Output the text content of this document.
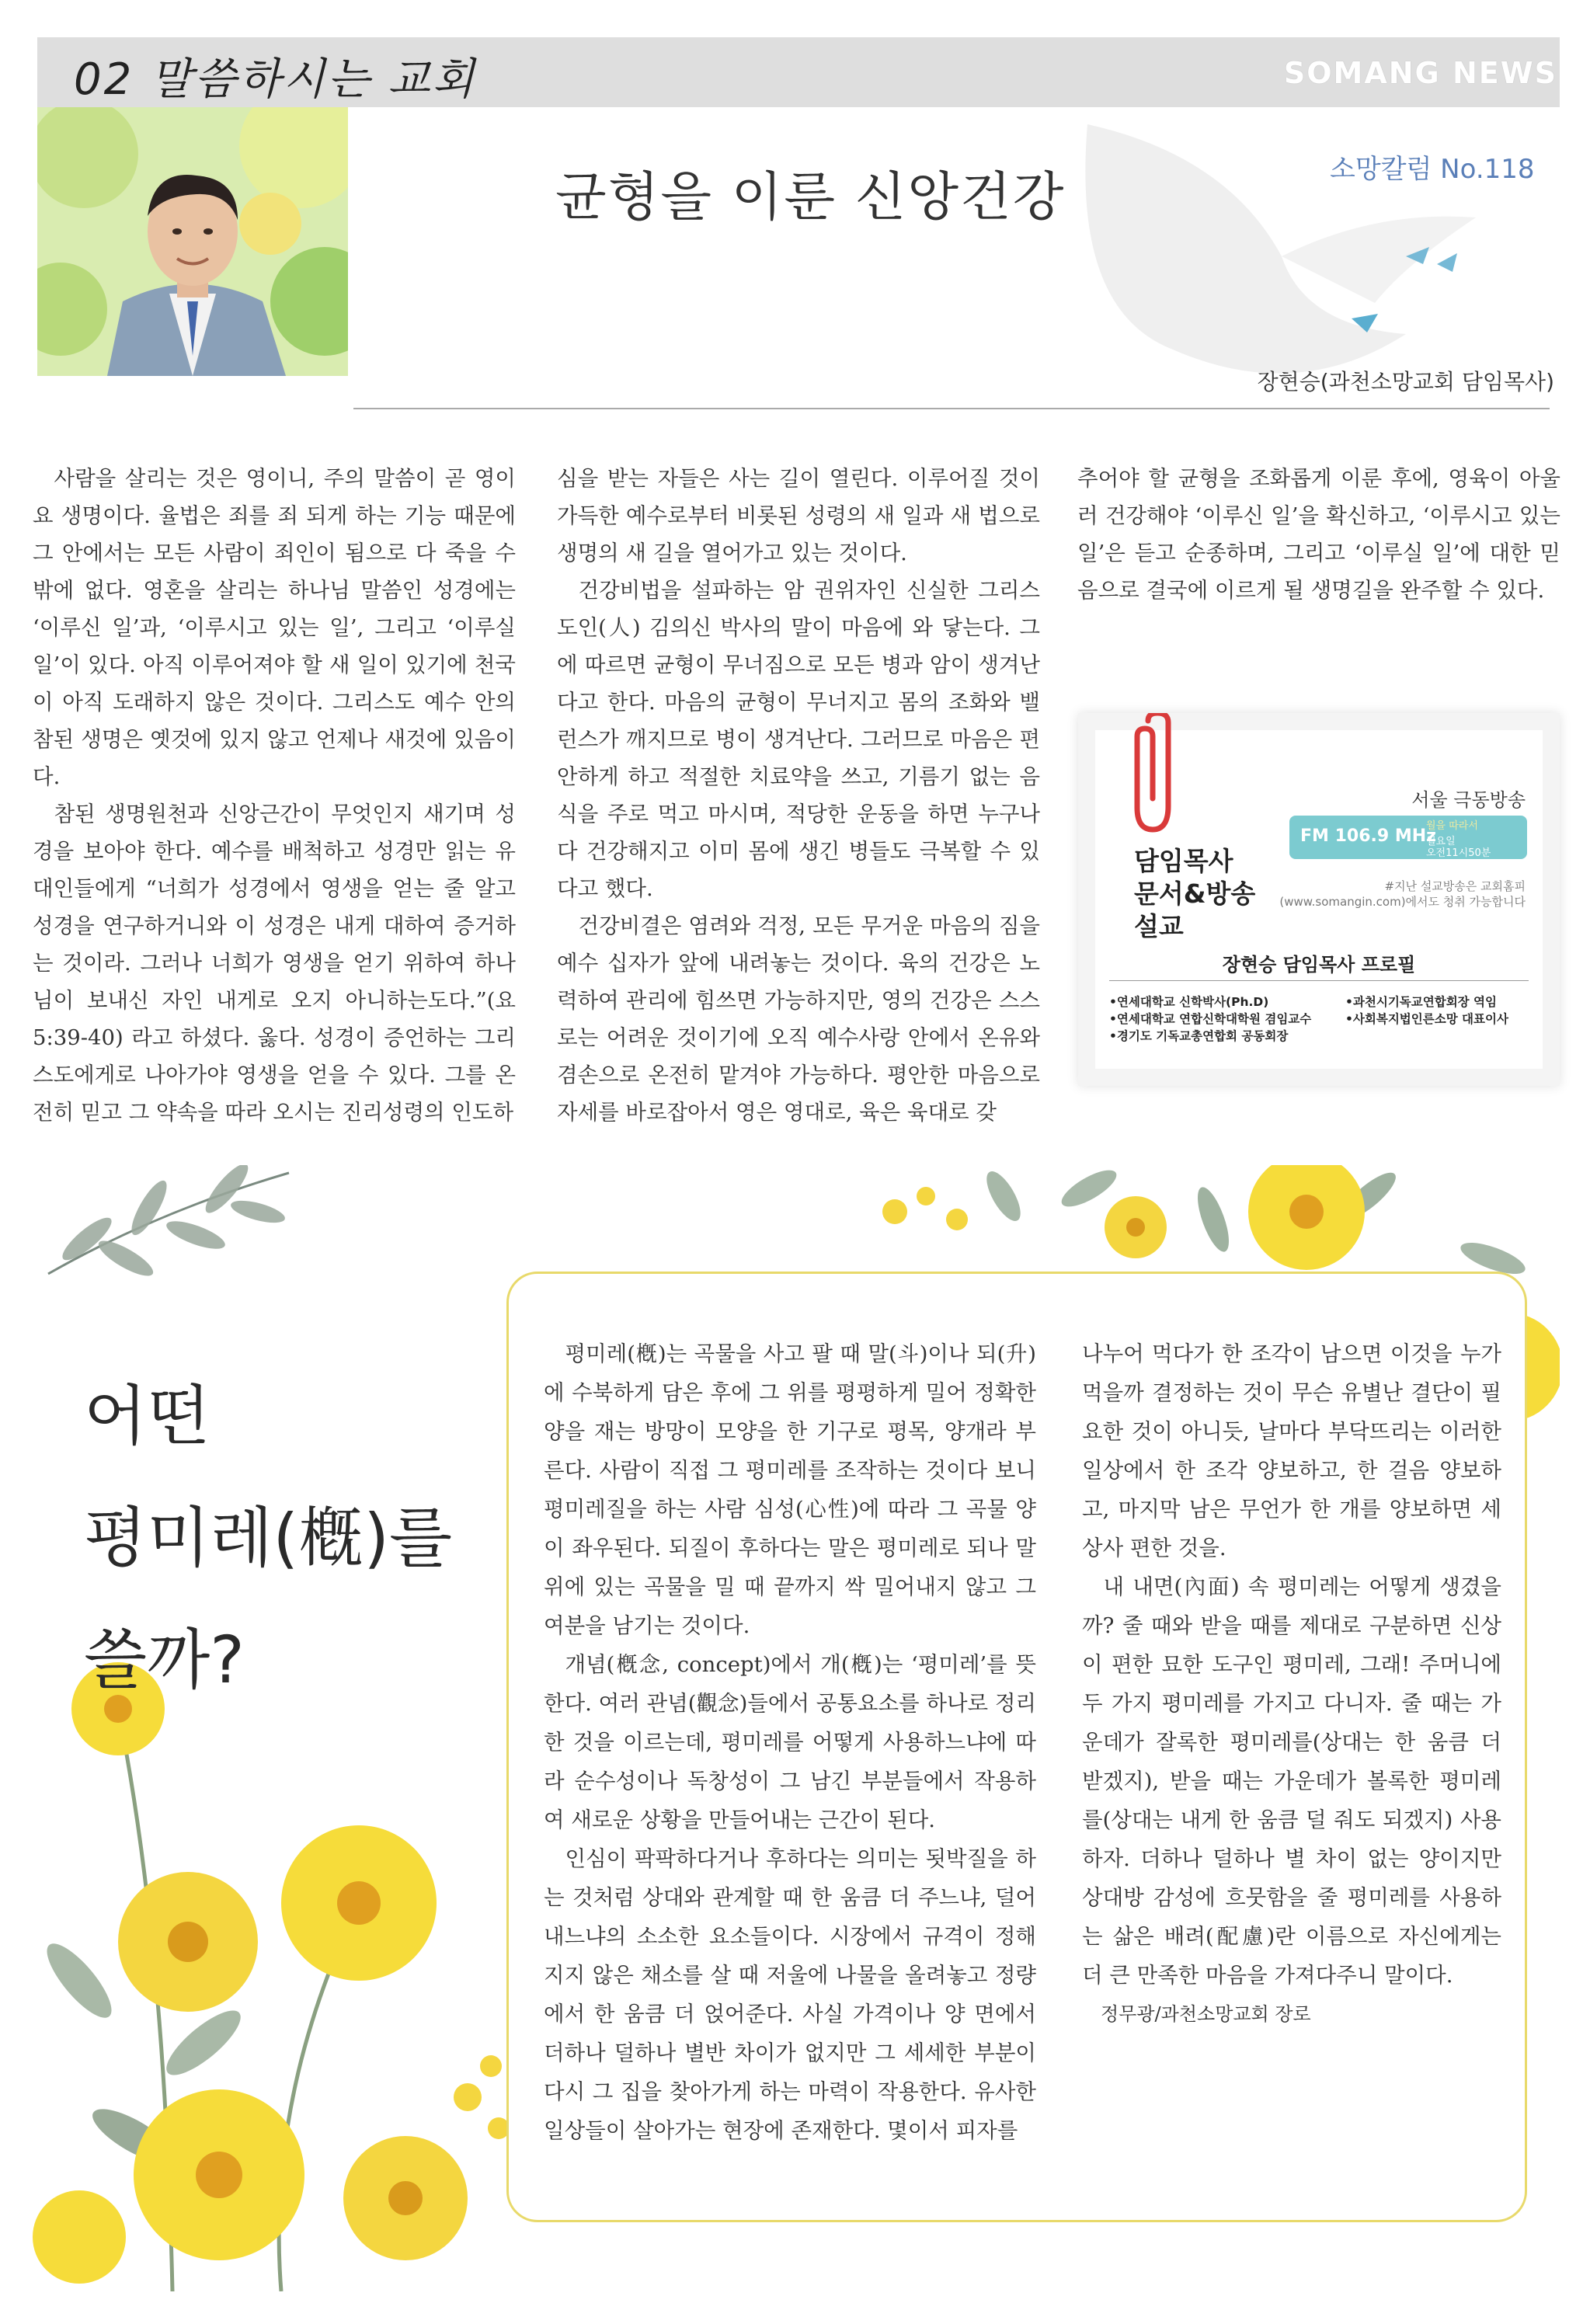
02 말씀하시는 교회	SOMANG NEWS
균형을 이룬 신앙건강	소망칼럼 No.118
장현승(과천소망교회 담임목사)

사람을 살리는 것은 영이니, 주의 말씀이 곧 영이요 생명이다. 율법은 죄를 죄 되게 하는 기능 때문에 그 안에서는 모든 사람이 죄인이 됨으로 다 죽을 수밖에 없다. 영혼을 살리는 하나님 말씀인 성경에는 ‘이루신 일’과, ‘이루시고 있는 일’, 그리고 ‘이루실 일’이 있다. 아직 이루어져야 할 새 일이 있기에 천국이 아직 도래하지 않은 것이다. 그리스도 예수 안의 참된 생명은 옛것에 있지 않고 언제나 새것에 있음이다.

참된 생명원천과 신앙근간이 무엇인지 새기며 성경을 보아야 한다. 예수를 배척하고 성경만 읽는 유대인들에게 “너희가 성경에서 영생을 얻는 줄 알고 성경을 연구하거니와 이 성경은 내게 대하여 증거하는 것이라. 그러나 너희가 영생을 얻기 위하여 하나님이 보내신 자인 내게로 오지 아니하는도다.”(요 5:39-40) 라고 하셨다. 옳다. 성경이 증언하는 그리스도에게로 나아가야 영생을 얻을 수 있다. 그를 온전히 믿고 그 약속을 따라 오시는 진리성령의 인도하

심을 받는 자들은 사는 길이 열린다. 이루어질 것이 가득한 예수로부터 비롯된 성령의 새 일과 새 법으로 생명의 새 길을 열어가고 있는 것이다.

건강비법을 설파하는 암 권위자인 신실한 그리스도인(人) 김의신 박사의 말이 마음에 와 닿는다. 그에 따르면 균형이 무너짐으로 모든 병과 암이 생겨난다고 한다. 마음의 균형이 무너지고 몸의 조화와 밸런스가 깨지므로 병이 생겨난다. 그러므로 마음은 편안하게 하고 적절한 치료약을 쓰고, 기름기 없는 음식을 주로 먹고 마시며, 적당한 운동을 하면 누구나 다 건강해지고 이미 몸에 생긴 병들도 극복할 수 있다고 했다.

건강비결은 염려와 걱정, 모든 무거운 마음의 짐을 예수 십자가 앞에 내려놓는 것이다. 육의 건강은 노력하여 관리에 힘쓰면 가능하지만, 영의 건강은 스스로는 어려운 것이기에 오직 예수사랑 안에서 온유와 겸손으로 온전히 맡겨야 가능하다. 평안한 마음으로 자세를 바로잡아서 영은 영대로, 육은 육대로 갖

추어야 할 균형을 조화롭게 이룬 후에, 영육이 아울러 건강해야 ‘이루신 일’을 확신하고, ‘이루시고 있는 일’은 듣고 순종하며, 그리고 ‘이루실 일’에 대한 믿음으로 결국에 이르게 될 생명길을 완주할 수 있다.

담임목사
문서&방송
설교
서울 극동방송
FM 106.9 MHz
월을 따라서
월요일
오전11시50분
#지난 설교방송은 교회홈피
(www.somangin.com)에서도 청취 가능합니다
장현승 담임목사 프로필
•연세대학교 신학박사(Ph.D)
•연세대학교 연합신학대학원 겸임교수
•경기도 기독교총연합회 공동회장
•과천시기독교연합회장 역임
•사회복지법인른소망 대표이사
어떤
평미레(槪)를
쓸까?

평미레(槪)는 곡물을 사고 팔 때 말(斗)이나 되(升)에 수북하게 담은 후에 그 위를 평평하게 밀어 정확한 양을 재는 방망이 모양을 한 기구로 평목, 양개라 부른다. 사람이 직접 그 평미레를 조작하는 것이다 보니 평미레질을 하는 사람 심성(心性)에 따라 그 곡물 양이 좌우된다. 되질이 후하다는 말은 평미레로 되나 말 위에 있는 곡물을 밀 때 끝까지 싹 밀어내지 않고 그 여분을 남기는 것이다.

개념(槪念, concept)에서 개(槪)는 ‘평미레’를 뜻한다. 여러 관념(觀念)들에서 공통요소를 하나로 정리한 것을 이르는데, 평미레를 어떻게 사용하느냐에 따라 순수성이나 독창성이 그 남긴 부분들에서 작용하여 새로운 상황을 만들어내는 근간이 된다.

인심이 팍팍하다거나 후하다는 의미는 됫박질을 하는 것처럼 상대와 관계할 때 한 움큼 더 주느냐, 덜어내느냐의 소소한 요소들이다. 시장에서 규격이 정해지지 않은 채소를 살 때 저울에 나물을 올려놓고 정량에서 한 움큼 더 얹어준다. 사실 가격이나 양 면에서 더하나 덜하나 별반 차이가 없지만 그 세세한 부분이 다시 그 집을 찾아가게 하는 마력이 작용한다. 유사한 일상들이 살아가는 현장에 존재한다. 몇이서 피자를

나누어 먹다가 한 조각이 남으면 이것을 누가 먹을까 결정하는 것이 무슨 유별난 결단이 필요한 것이 아니듯, 날마다 부닥뜨리는 이러한 일상에서 한 조각 양보하고, 한 걸음 양보하고, 마지막 남은 무언가 한 개를 양보하면 세상사 편한 것을.

내 내면(內面) 속 평미레는 어떻게 생겼을까? 줄 때와 받을 때를 제대로 구분하면 신상이 편한 묘한 도구인 평미레, 그래! 주머니에 두 가지 평미레를 가지고 다니자. 줄 때는 가운데가 잘록한 평미레를(상대는 한 움큼 더 받겠지), 받을 때는 가운데가 볼록한 평미레를(상대는 내게 한 움큼 덜 줘도 되겠지) 사용하자. 더하나 덜하나 별 차이 없는 양이지만 상대방 감성에 흐뭇함을 줄 평미레를 사용하는 삶은 배려(配慮)란 이름으로 자신에게는 더 큰 만족한 마음을 가져다주니 말이다.

정무광/과천소망교회 장로
